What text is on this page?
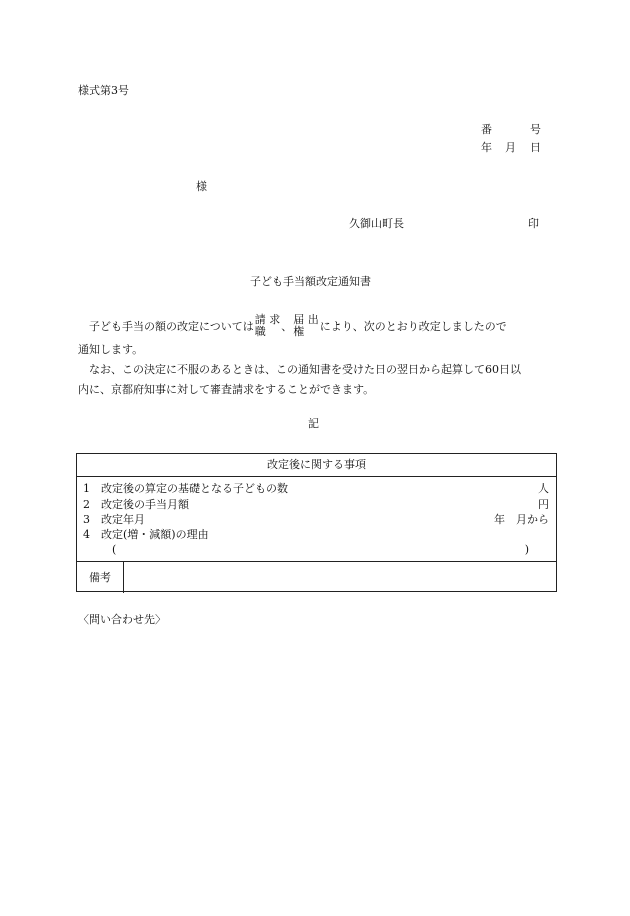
様式第3号
番	号
年 月 日
様
久御山町長	印
子ども手当額改定通知書
子ども手当の額の改定については 請 求
職	、 届 出
権	により、次のとおり改定しましたので
通知します。
なお、この決定に不服のあるときは、この通知書を受けた日の翌日から起算して60日以
内に、京都府知事に対して審査請求をすることができます。
記
改定後に関する事項
1 改定後の算定の基礎となる子どもの数	人
2 改定後の手当月額	円
3 改定年月	年　月から
4 改定(増・減額)の理由
(	)
備考
〈問い合わせ先〉
